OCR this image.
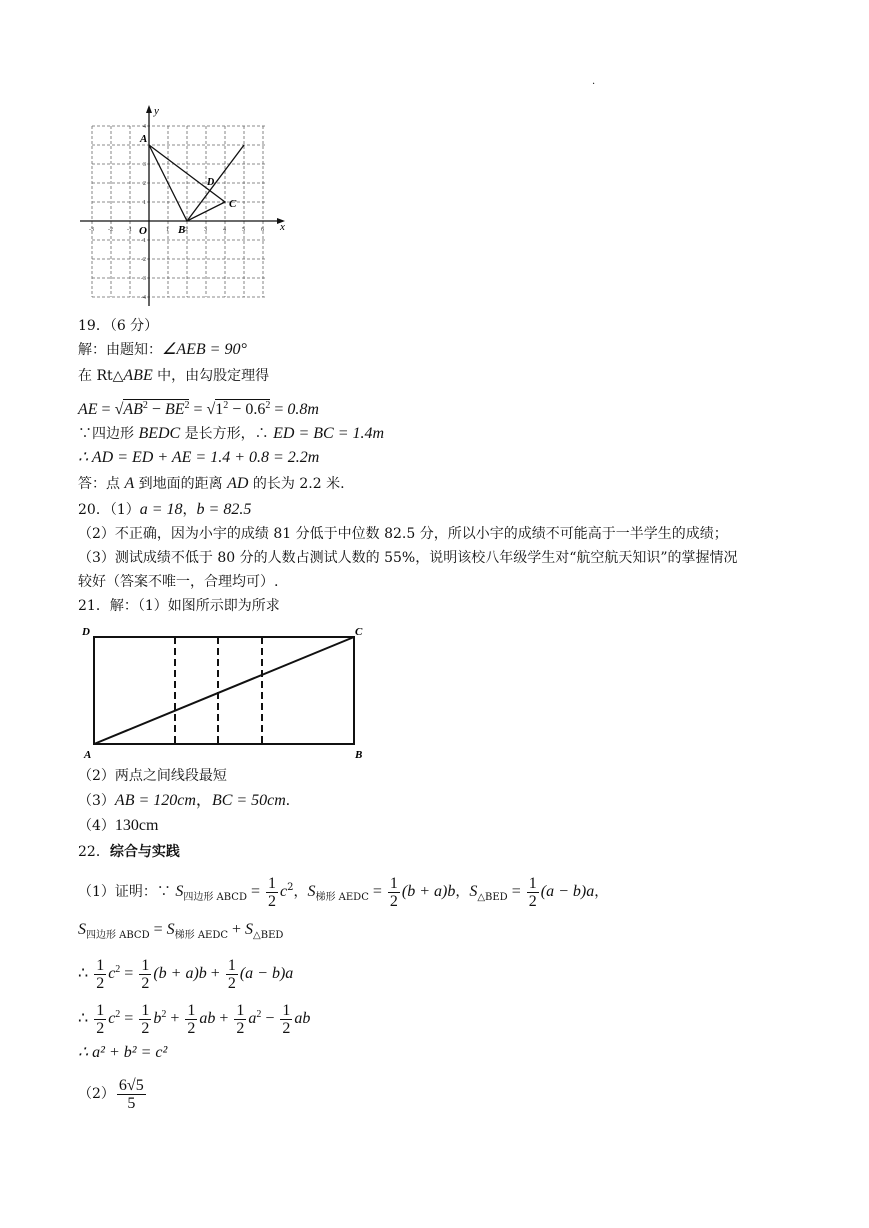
.
y
x
O
A
B
C
D
-3 -2 -1	1	2	3	4	5	6
4
3
2
1
-1
-2
-3
-4
19．（6 分）
解：由题知：∠AEB = 90°
在 Rt△ABE 中，由勾股定理得
AE = $√AB^2 - BE^2 = √1^2 - 0.6^2 = 0.8m$
∵四边形 BEDC 是长方形，∴ ED = BC = 1.4m
∴ AD = ED + AE = 1.4 + 0.8 = 2.2m
答：点 A 到地面的距离 AD 的长为 2.2 米.
20．（1）a = 18，b = 82.5
（2）不正确，因为小宇的成绩 81 分低于中位数 82.5 分，所以小宇的成绩不可能高于一半学生的成绩；
（3）测试成绩不低于 80 分的人数占测试人数的 55%，说明该校八年级学生对“航空航天知识”的掌握情况
较好（答案不唯一，合理均可）.
21．解：（1）如图所示即为所求
D	C
A	B
（2）两点之间线段最短
（3）AB = 120cm，BC = 50cm.
（4）130cm
22．综合与实践
（1）证明：∵ $S_{四边形 ABCD} = \frac{1}{2} c^2$，$S_{梯形 AEDC} = \frac{1}{2} (b + a)b$，$S_{\triangle BED} = \frac{1}{2} (a - b)a$，
$S_{四边形 ABCD} = S_{梯形 AEDC} + S_{\triangle BED}$
∴ $\frac{1}{2} c^2 = \frac{1}{2} (b + a)b + \frac{1}{2} (a - b)a$
∴ $\frac{1}{2} c^2 = \frac{1}{2} b^2 + \frac{1}{2}$ ab + $\frac{1}{2} a^2 - \frac{1}{2}$ ab
∴ a² + b² = c²
$(2) \frac{6√5}{5}$
